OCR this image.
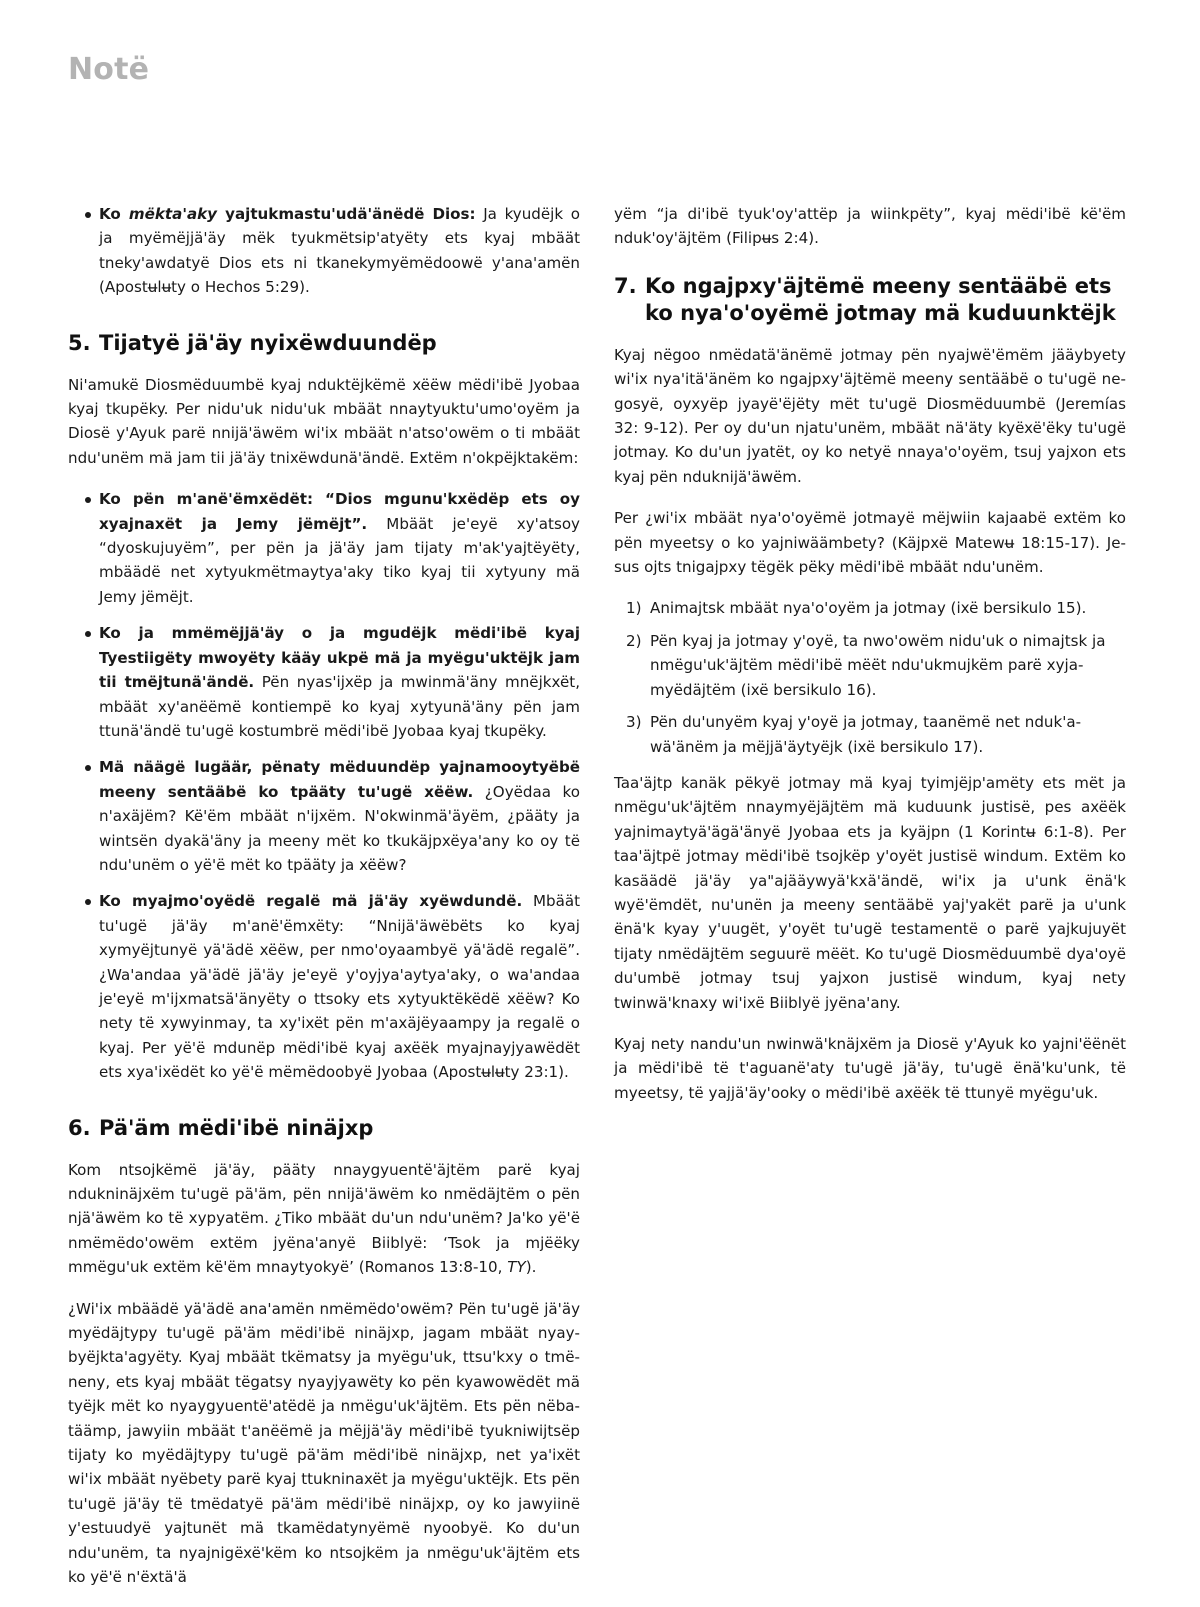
Notë
Ko mëkta'aky yajtukmastu'udä'änëdë Dios: Ja kyudëjk o ja myëmëjjä'äy mëk tyukmëtsip'atyëty ets kyaj mbäät tneky'awdatyë Dios ets ni tkanekymyëmëdoowë y'ana'amën (Apostʉlʉty o Hechos 5:29).
5. Tijatyë jä'äy nyixëwduundëp

Ni'amukë Diosmëduumbë kyaj nduktëjkëmë xëëw mëdi'ibë Jyobaa kyaj tkupëky. Per nidu'uk nidu'uk mbäät nnaytyuktu'umo'oyëm ja Diosë y'Ayuk parë nnijä'äwëm wi'ix mbäät n'atso'owëm o ti mbäät ndu'unëm mä jam tii jä'äy tnixëwdunä'ändë. Extëm n'okpëjktakëm:

Ko pën m'anë'ëmxëdët: “Dios mgunu'kxëdëp ets oy xyajnaxët ja Jemy jëmëjt”. Mbäät je'eyë xy'atsoy “dyoskujuyëm”, per pën ja jä'äy jam tijaty m'ak'yajtëyëty, mbäädë net xytyukmëtmaytya'aky tiko kyaj tii xytyuny mä Jemy jëmëjt.
Ko ja mmëmëjjä'äy o ja mgudëjk mëdi'ibë kyaj Tyestiigëty mwoyëty kääy ukpë mä ja myëgu'uktëjk jam tii tmëjtunä'ändë. Pën nyas'ijxëp ja mwinmä'äny mnëjkxët, mbäät xy'anëëmë kontiempë ko kyaj xytyunä'äny pën jam ttunä'ändë tu'ugë kostumbrë mëdi'ibë Jyobaa kyaj tkupëky.
Mä näägë lugäär, pënaty mëduundëp yajnamooytyëbë meeny sentääbë ko tpääty tu'ugë xëëw. ¿Oyëdaa ko n'axäjëm? Kë'ëm mbäät n'ijxëm. N'okwinmä'äyëm, ¿pääty ja wintsën dyakä'äny ja meeny mët ko tkukäjpxëya'any ko oy të ndu'unëm o yë'ë mët ko tpääty ja xëëw?
Ko myajmo'oyëdë regalë mä jä'äy xyëwdundë. Mbäät tu'ugë jä'äy m'anë'ëmxëty: “Nnijä'äwëbëts ko kyaj xymyëjtunyë yä'ädë xëëw, per nmo'oyaambyë yä'ädë regalë”. ¿Wa'andaa yä'ädë jä'äy je'eyë y'oyjya'aytya'aky, o wa'andaa je'eyë m'ijxmatsä'änyëty o ttsoky ets xytyuktëkëdë xëëw? Ko nety të xywyinmay, ta xy'ixët pën m'axäjëyaampy ja regalë o kyaj. Per yë'ë mdunëp mëdi'ibë kyaj axëëk myajnayjyawëdët ets xya'ixëdët ko yë'ë mëmëdoobyë Jyobaa (Apostʉlʉty 23:1).
6. Pä'äm mëdi'ibë ninäjxp

Kom ntsojkëmë jä'äy, pääty nnaygyuentë'äjtëm parë kyaj ndukninäjxëm tu'ugë pä'äm, pën nnijä'äwëm ko nmëdäjtëm o pën njä'äwëm ko të xypyatëm. ¿Tiko mbäät du'un ndu'unëm? Ja'ko yë'ë nmëmëdo'owëm extëm jyëna'anyë Biiblyë: ‘Tsok ja mjëëky mmëgu'uk extëm kë'ëm mnaytyokyë’ (Romanos 13:8-10, TY).

¿Wi'ix mbäädë yä'ädë ana'amën nmëmëdo'owëm? Pën tu'ugë jä'äy myëdäjtypy tu'ugë pä'äm mëdi'ibë ninäjxp, jagam mbäät nyaybyëjkta'agyëty. Kyaj mbäät tkëmatsy ja myëgu'uk, ttsu'kxy o tmëneny, ets kyaj mbäät tëgatsy nyayjyawëty ko pën kyawowëdët mä tyëjk mët ko nyaygyuentë'atëdë ja nmëgu'uk'äjtëm. Ets pën nëbatäämp, jawyiin mbäät t'anëëmë ja mëjjä'äy mëdi'ibë tyukniwijtsëp tijaty ko myëdäjtypy tu'ugë pä'äm mëdi'ibë ninäjxp, net ya'ixët wi'ix mbäät nyëbety parë kyaj ttukninaxët ja myëgu'uktëjk. Ets pën tu'ugë jä'äy të tmëdatyë pä'äm mëdi'ibë ninäjxp, oy ko jawyiinë y'estuudyë yajtunët mä tkamëdatynyëmë nyoobyë. Ko du'un ndu'unëm, ta nyajnigëxë'këm ko ntsojkëm ja nmëgu'uk'äjtëm ets ko yë'ë n'ëxtä'ä

yëm “ja di'ibë tyuk'oy'attëp ja wiinkpëty”, kyaj mëdi'ibë kë'ëm nduk'oy'äjtëm (Filipʉs 2:4).

7. Ko ngajpxy'äjtëmë meeny sentääbë ets ko nya'o'oyëmë jotmay mä kuduunktëjk

Kyaj nëgoo nmëdatä'änëmë jotmay pën nyajwë'ëmëm jääybyety wi'ix nya'itä'änëm ko ngajpxy'äjtëmë meeny sentääbë o tu'ugë negosyë, oyxyëp jyayë'ëjëty mët tu'ugë Diosmëduumbë (Jeremías 32: 9-12). Per oy du'un njatu'unëm, mbäät nä'äty kyëxë'ëky tu'ugë jotmay. Ko du'un jyatët, oy ko netyë nnaya'o'oyëm, tsuj yajxon ets kyaj pën nduknijä'äwëm.

Per ¿wi'ix mbäät nya'o'oyëmë jotmayë mëjwiin kajaabë extëm ko pën myeetsy o ko yajniwäämbety? (Käjpxë Matewʉ 18:15-17). Jesus ojts tnigajpxy tëgëk pëky mëdi'ibë mbäät ndu'unëm.

1) Animajtsk mbäät nya'o'oyëm ja jotmay (ixë bersikulo 15).
2) Pën kyaj ja jotmay y'oyë, ta nwo'owëm nidu'uk o nimajtsk ja nmëgu'uk'äjtëm mëdi'ibë mëët ndu'ukmujkëm parë xyjamyëdäjtëm (ixë bersikulo 16).
3) Pën du'unyëm kyaj y'oyë ja jotmay, taanëmë net nduk'awä'änëm ja mëjjä'äytyëjk (ixë bersikulo 17).

Taa'äjtp kanäk pëkyë jotmay mä kyaj tyimjëjp'amëty ets mët ja nmëgu'uk'äjtëm nnaymyëjäjtëm mä kuduunk justisë, pes axëëk yajnimaytyä'ägä'änyë Jyobaa ets ja kyäjpn (1 Korintʉ 6:1-8). Per taa'äjtpë jotmay mëdi'ibë tsojkëp y'oyët justisë windum. Extëm ko kasäädë jä'äy ya"ajääywyä'kxä'ändë, wi'ix ja u'unk ënä'k wyë'ëmdët, nu'unën ja meeny sentääbë yaj'yakët parë ja u'unk ënä'k kyay y'uugët, y'oyët tu'ugë testamentë o parë yajkujuyët tijaty nmëdäjtëm seguurë mëët. Ko tu'ugë Diosmëduumbë dya'oyë du'umbë jotmay tsuj yajxon justisë windum, kyaj nety twinwä'knaxy wi'ixë Biiblyë jyëna'any.

Kyaj nety nandu'un nwinwä'knäjxëm ja Diosë y'Ayuk ko yajni'ëënët ja mëdi'ibë të t'aguanë'aty tu'ugë jä'äy, tu'ugë ënä'ku'unk, të myeetsy, të yajjä'äy'ooky o mëdi'ibë axëëk të ttunyë myëgu'uk.
